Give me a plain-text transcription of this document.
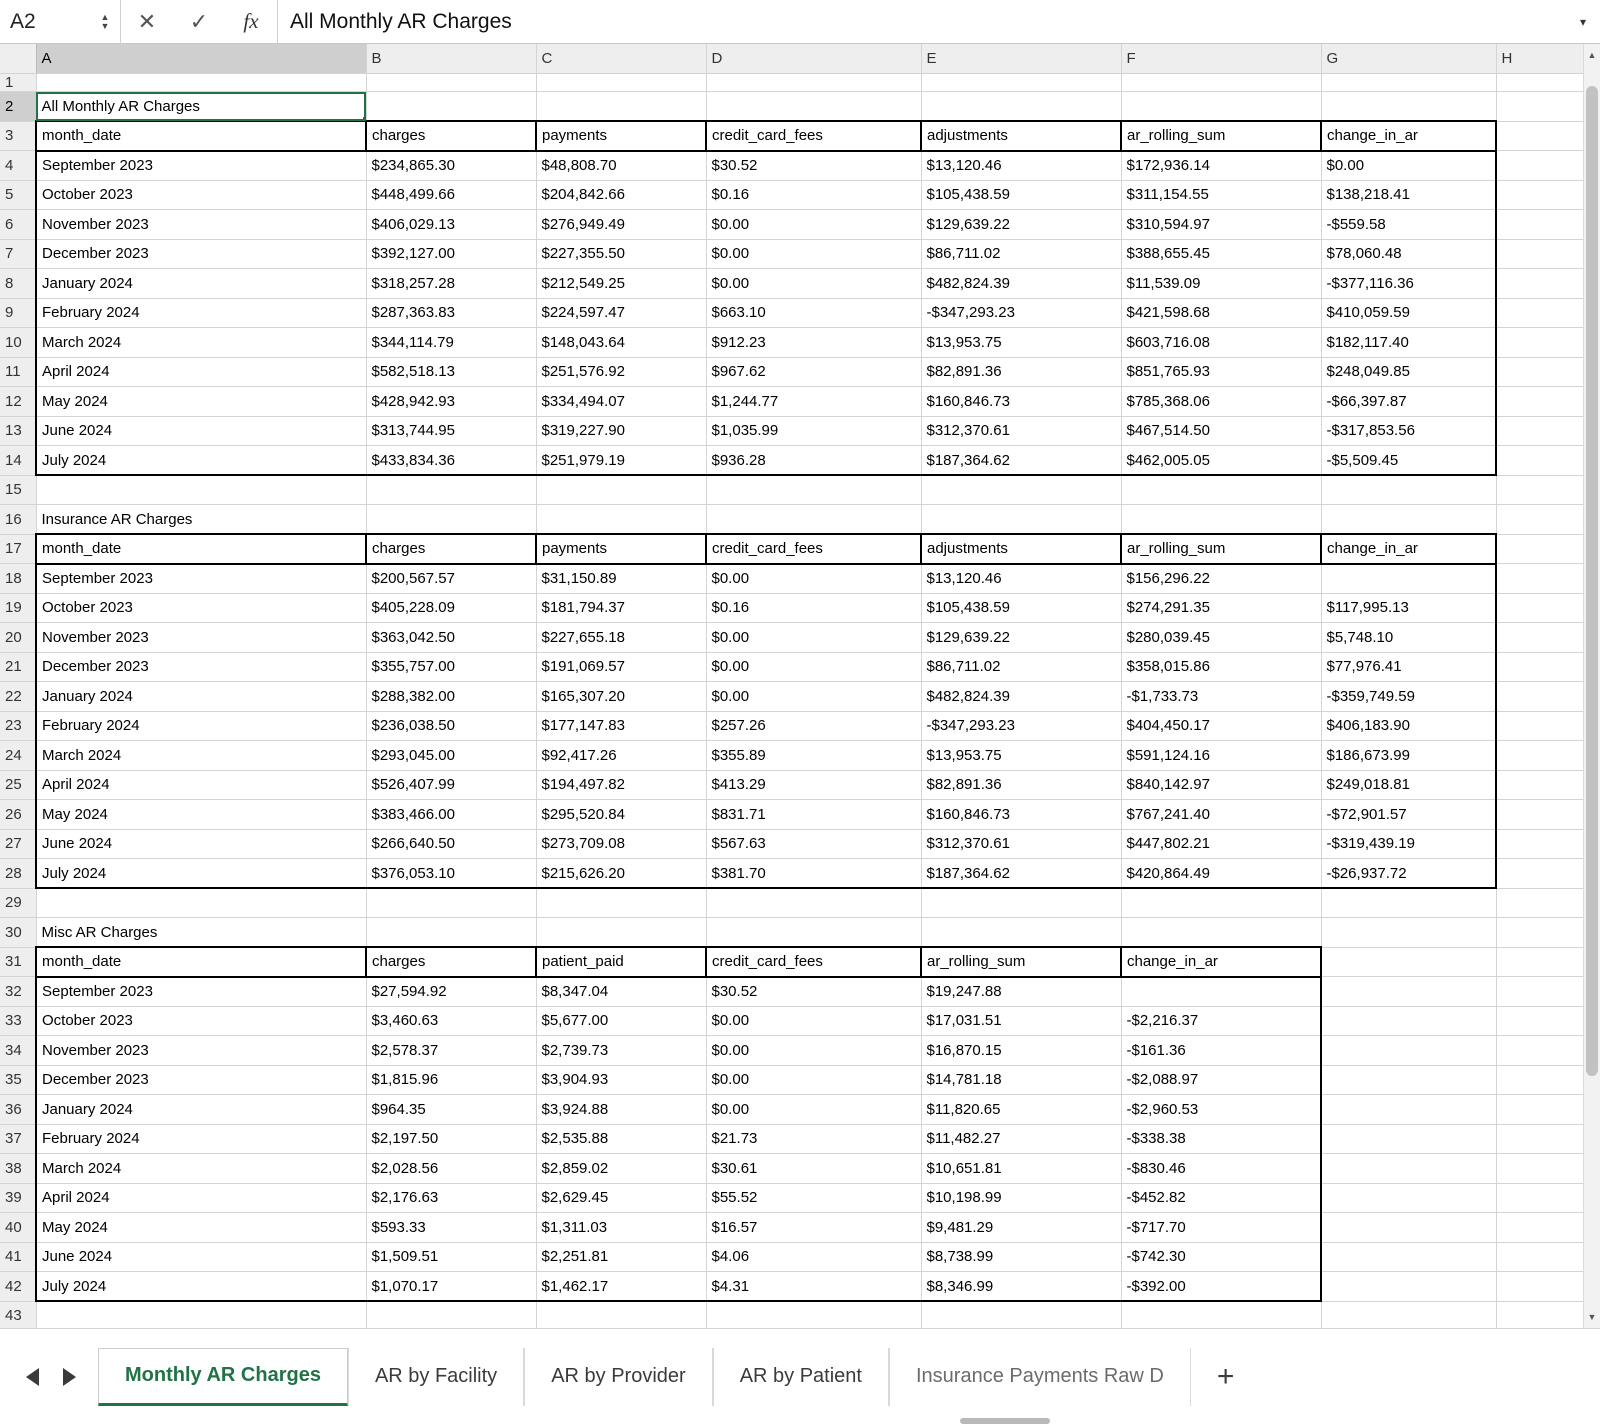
A2	▲
▼ ✕ ✓ fx	All Monthly AR Charges	▾
	A	B	C	D	E	F	G	H
1								
2	All Monthly AR Charges							
3	month_date	charges	payments	credit_card_fees	adjustments	ar_rolling_sum	change_in_ar	
4	September 2023	$234,865.30	$48,808.70	$30.52	$13,120.46	$172,936.14	$0.00	
5	October 2023	$448,499.66	$204,842.66	$0.16	$105,438.59	$311,154.55	$138,218.41	
6	November 2023	$406,029.13	$276,949.49	$0.00	$129,639.22	$310,594.97	-$559.58	
7	December 2023	$392,127.00	$227,355.50	$0.00	$86,711.02	$388,655.45	$78,060.48	
8	January 2024	$318,257.28	$212,549.25	$0.00	$482,824.39	$11,539.09	-$377,116.36	
9	February 2024	$287,363.83	$224,597.47	$663.10	-$347,293.23	$421,598.68	$410,059.59	
10	March 2024	$344,114.79	$148,043.64	$912.23	$13,953.75	$603,716.08	$182,117.40	
11	April 2024	$582,518.13	$251,576.92	$967.62	$82,891.36	$851,765.93	$248,049.85	
12	May 2024	$428,942.93	$334,494.07	$1,244.77	$160,846.73	$785,368.06	-$66,397.87	
13	June 2024	$313,744.95	$319,227.90	$1,035.99	$312,370.61	$467,514.50	-$317,853.56	
14	July 2024	$433,834.36	$251,979.19	$936.28	$187,364.62	$462,005.05	-$5,509.45	
15								
16	Insurance AR Charges							
17	month_date	charges	payments	credit_card_fees	adjustments	ar_rolling_sum	change_in_ar	
18	September 2023	$200,567.57	$31,150.89	$0.00	$13,120.46	$156,296.22		
19	October 2023	$405,228.09	$181,794.37	$0.16	$105,438.59	$274,291.35	$117,995.13	
20	November 2023	$363,042.50	$227,655.18	$0.00	$129,639.22	$280,039.45	$5,748.10	
21	December 2023	$355,757.00	$191,069.57	$0.00	$86,711.02	$358,015.86	$77,976.41	
22	January 2024	$288,382.00	$165,307.20	$0.00	$482,824.39	-$1,733.73	-$359,749.59	
23	February 2024	$236,038.50	$177,147.83	$257.26	-$347,293.23	$404,450.17	$406,183.90	
24	March 2024	$293,045.00	$92,417.26	$355.89	$13,953.75	$591,124.16	$186,673.99	
25	April 2024	$526,407.99	$194,497.82	$413.29	$82,891.36	$840,142.97	$249,018.81	
26	May 2024	$383,466.00	$295,520.84	$831.71	$160,846.73	$767,241.40	-$72,901.57	
27	June 2024	$266,640.50	$273,709.08	$567.63	$312,370.61	$447,802.21	-$319,439.19	
28	July 2024	$376,053.10	$215,626.20	$381.70	$187,364.62	$420,864.49	-$26,937.72	
29								
30	Misc AR Charges							
31	month_date	charges	patient_paid	credit_card_fees	ar_rolling_sum	change_in_ar		
32	September 2023	$27,594.92	$8,347.04	$30.52	$19,247.88			
33	October 2023	$3,460.63	$5,677.00	$0.00	$17,031.51	-$2,216.37		
34	November 2023	$2,578.37	$2,739.73	$0.00	$16,870.15	-$161.36		
35	December 2023	$1,815.96	$3,904.93	$0.00	$14,781.18	-$2,088.97		
36	January 2024	$964.35	$3,924.88	$0.00	$11,820.65	-$2,960.53		
37	February 2024	$2,197.50	$2,535.88	$21.73	$11,482.27	-$338.38		
38	March 2024	$2,028.56	$2,859.02	$30.61	$10,651.81	-$830.46		
39	April 2024	$2,176.63	$2,629.45	$55.52	$10,198.99	-$452.82		
40	May 2024	$593.33	$1,311.03	$16.57	$9,481.29	-$717.70		
41	June 2024	$1,509.51	$2,251.81	$4.06	$8,738.99	-$742.30		
42	July 2024	$1,070.17	$1,462.17	$4.31	$8,346.99	-$392.00		
43								
▲
▼
Monthly AR Charges	AR by Facility	AR by Provider	AR by Patient	Insurance Payments Raw D	+
